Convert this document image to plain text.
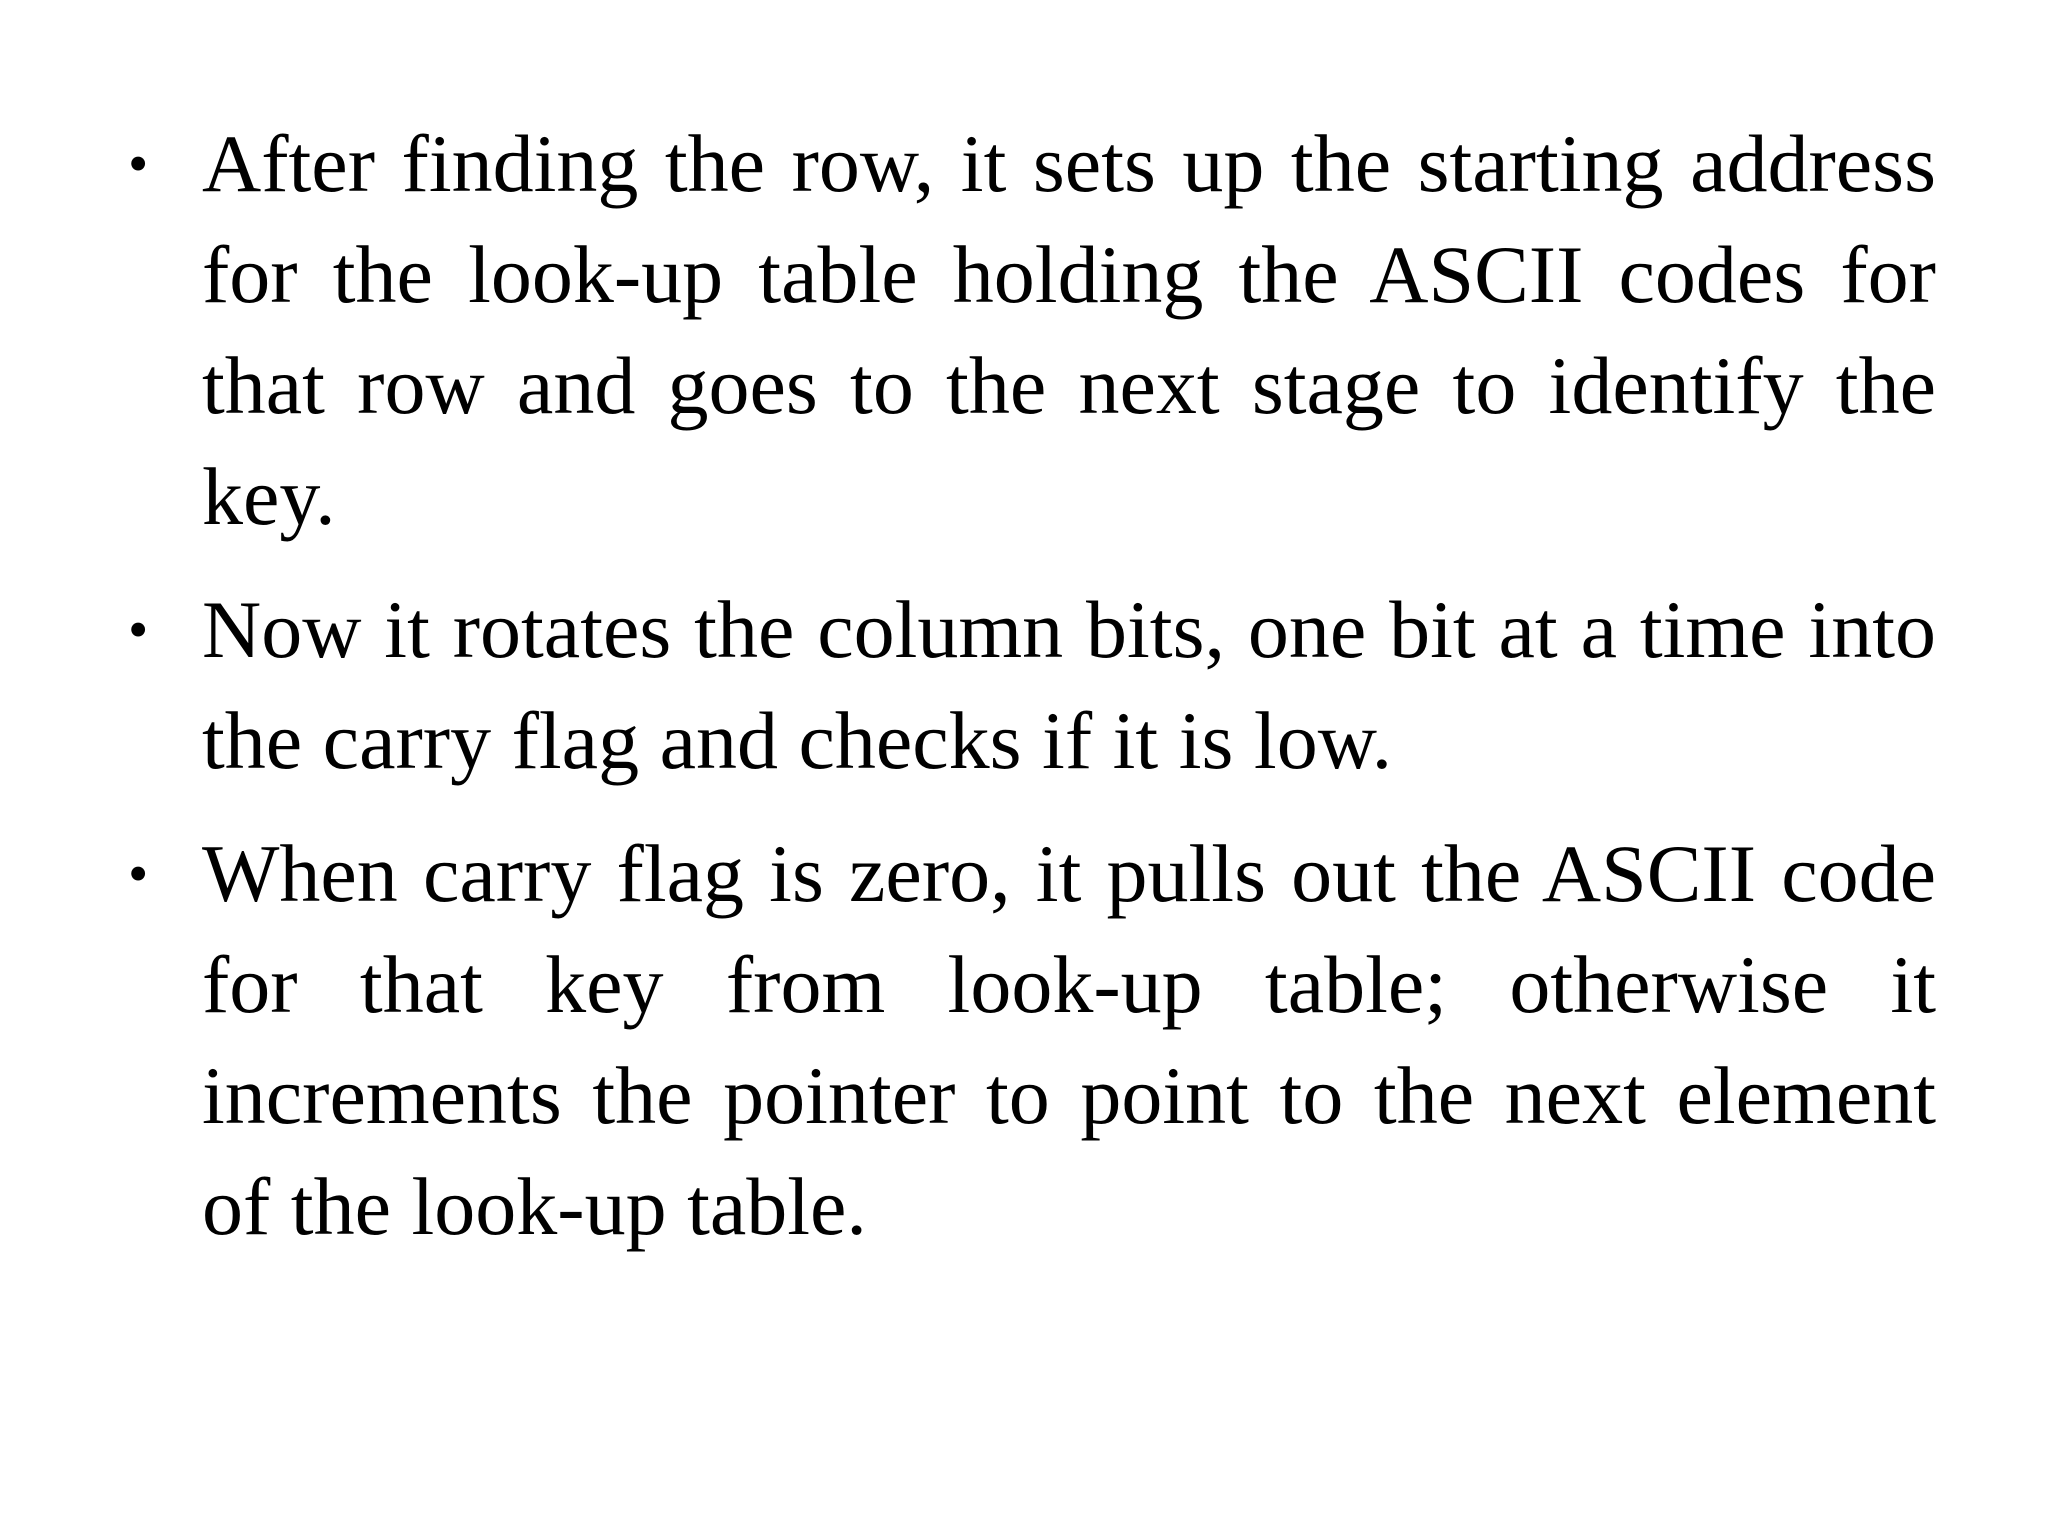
• After finding the row, it sets up the starting address for the look-up table holding the ASCII codes for that row and goes to the next stage to identify the key.
• Now it rotates the column bits, one bit at a time into the carry flag and checks if it is low.
• When carry flag is zero, it pulls out the ASCII code for that key from look-up table; otherwise it increments the pointer to point to the next element of the look-up table.
